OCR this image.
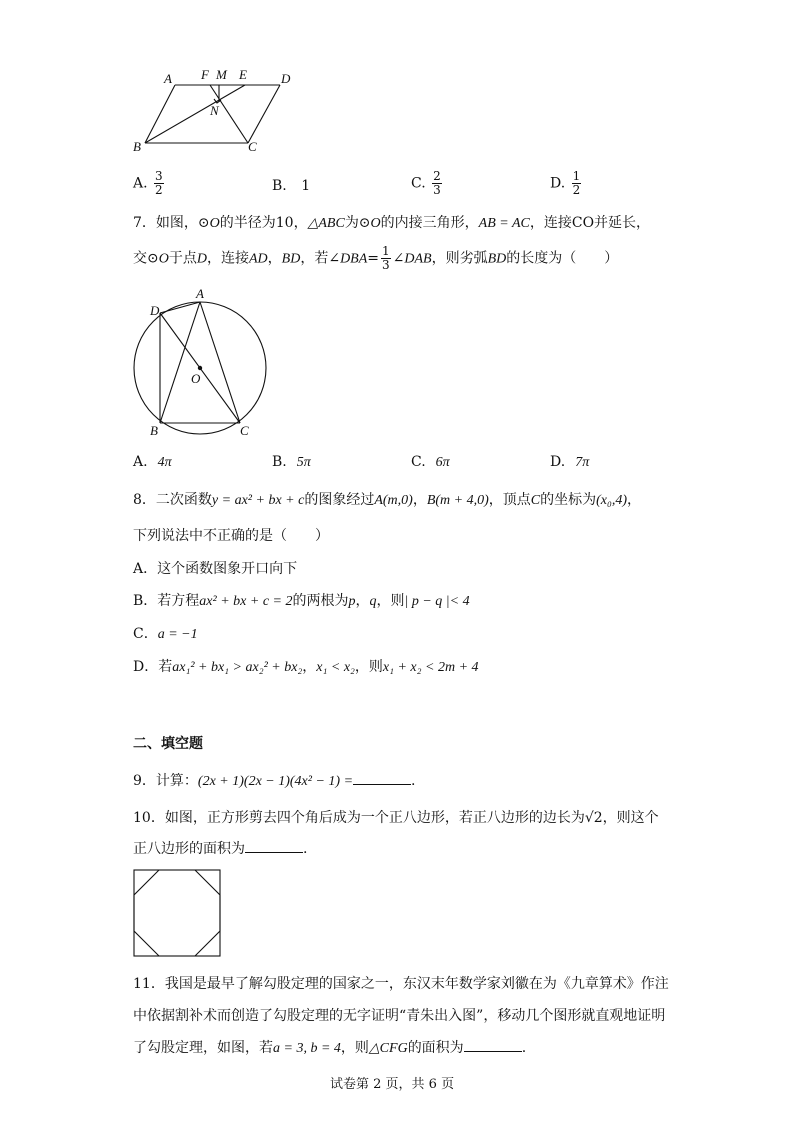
A F M E	D
N
B	C
A. $\frac{3}{2}$	B. 1	C. $\frac{2}{3}$	D. $\frac{1}{2}$
7．如图，⊙O的半径为10，△ABC为⊙O的内接三角形，AB = AC，连接CO并延长，
交⊙O于点D，连接AD，BD，若∠DBA= $\frac{1}{3}$ ∠DAB，则劣弧BD的长度为（　　）
A
D
O
B	C
A. 4π	B. 5π	C. 6π	D. 7π
8．二次函数y = ax² + bx + c的图象经过A(m,0)，B(m + 4,0)，顶点C的坐标为(x₀,4)，
下列说法中不正确的是（　　）
A．这个函数图象开口向下
B．若方程ax² + bx + c = 2的两根为p，q，则| p − q |< 4
C．a = −1
D．若ax₁² + bx₁ > ax₂² + bx₂，x₁ < x₂，则x₁ + x₂ < 2m + 4
二、填空题
9．计算：(2x + 1)(2x − 1)(4x² − 1) =	.
10．如图，正方形剪去四个角后成为一个正八边形，若正八边形的边长为√2，则这个
正八边形的面积为	.
11．我国是最早了解勾股定理的国家之一，东汉末年数学家刘徽在为《九章算术》作注
中依据割补术而创造了勾股定理的无字证明“青朱出入图”，移动几个图形就直观地证明
了勾股定理，如图，若a = 3, b = 4，则△CFG的面积为	.
试卷第 2 页，共 6 页
